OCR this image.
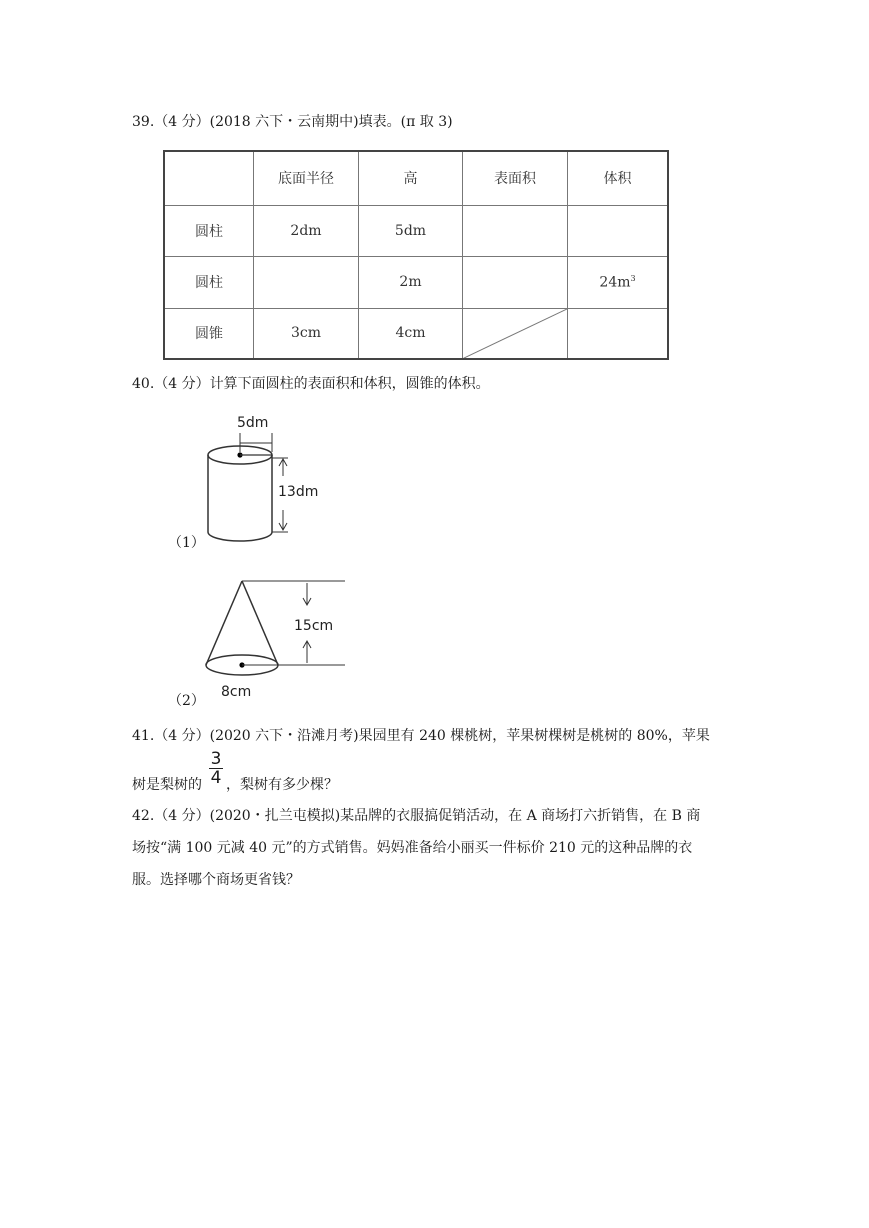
39.（4 分）(2018 六下・云南期中)填表。(π 取 3)
	底面半径	高	表面积	体积
圆柱	2dm	5dm		
圆柱		2m		$24m^3$
圆锥	3cm	4cm	

40.（4 分）计算下面圆柱的表面积和体积，圆锥的体积。
5dm
13dm
（1）
15cm
8cm
（2）
41.（4 分）(2020 六下・沿滩月考)果园里有 240 棵桃树，苹果树棵树是桃树的 80%，苹果
树是梨树的
3
4 ，梨树有多少棵？
42.（4 分）(2020・扎兰屯模拟)某品牌的衣服搞促销活动，在 A 商场打六折销售，在 B 商
场按“满 100 元减 40 元”的方式销售。妈妈准备给小丽买一件标价 210 元的这种品牌的衣
服。选择哪个商场更省钱？
